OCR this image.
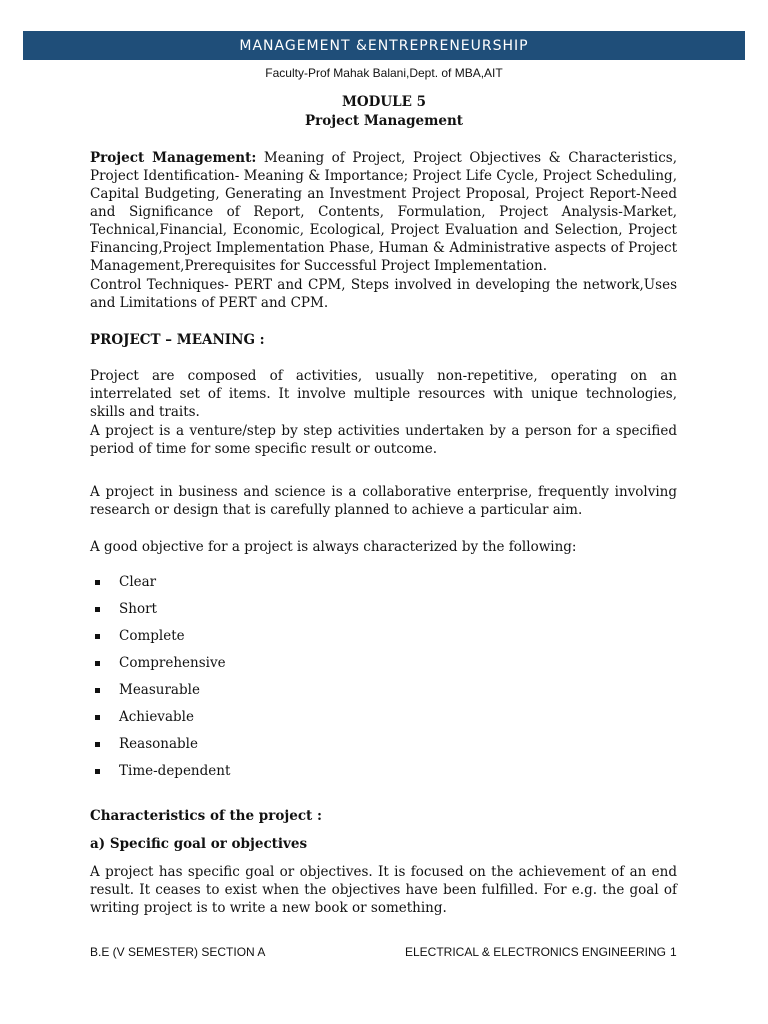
MANAGEMENT &ENTREPRENEURSHIP
Faculty-Prof Mahak Balani,Dept. of MBA,AIT
MODULE 5
Project Management
Project Management: Meaning of Project, Project Objectives & Characteristics, Project Identification- Meaning & Importance; Project Life Cycle, Project Scheduling, Capital Budgeting, Generating an Investment Project Proposal, Project Report-Need and Significance of Report, Contents, Formulation, Project Analysis-Market, Technical,Financial, Economic, Ecological, Project Evaluation and Selection, Project Financing,Project Implementation Phase, Human & Administrative aspects of Project Management,Prerequisites for Successful Project Implementation.
Control Techniques- PERT and CPM, Steps involved in developing the network,Uses and Limitations of PERT and CPM.
PROJECT – MEANING :
Project are composed of activities, usually non-repetitive, operating on an interrelated set of items. It involve multiple resources with unique technologies, skills and traits.
A project is a venture/step by step activities undertaken by a person for a specified period of time for some specific result or outcome.
A project in business and science is a collaborative enterprise, frequently involving research or design that is carefully planned to achieve a particular aim.
A good objective for a project is always characterized by the following:
Clear
Short
Complete
Comprehensive
Measurable
Achievable
Reasonable
Time-dependent
Characteristics of the project :
a) Specific goal or objectives
A project has specific goal or objectives. It is focused on the achievement of an end result. It ceases to exist when the objectives have been fulfilled. For e.g. the goal of writing project is to write a new book or something.
B.E (V SEMESTER) SECTION A	ELECTRICAL & ELECTRONICS ENGINEERING 1
